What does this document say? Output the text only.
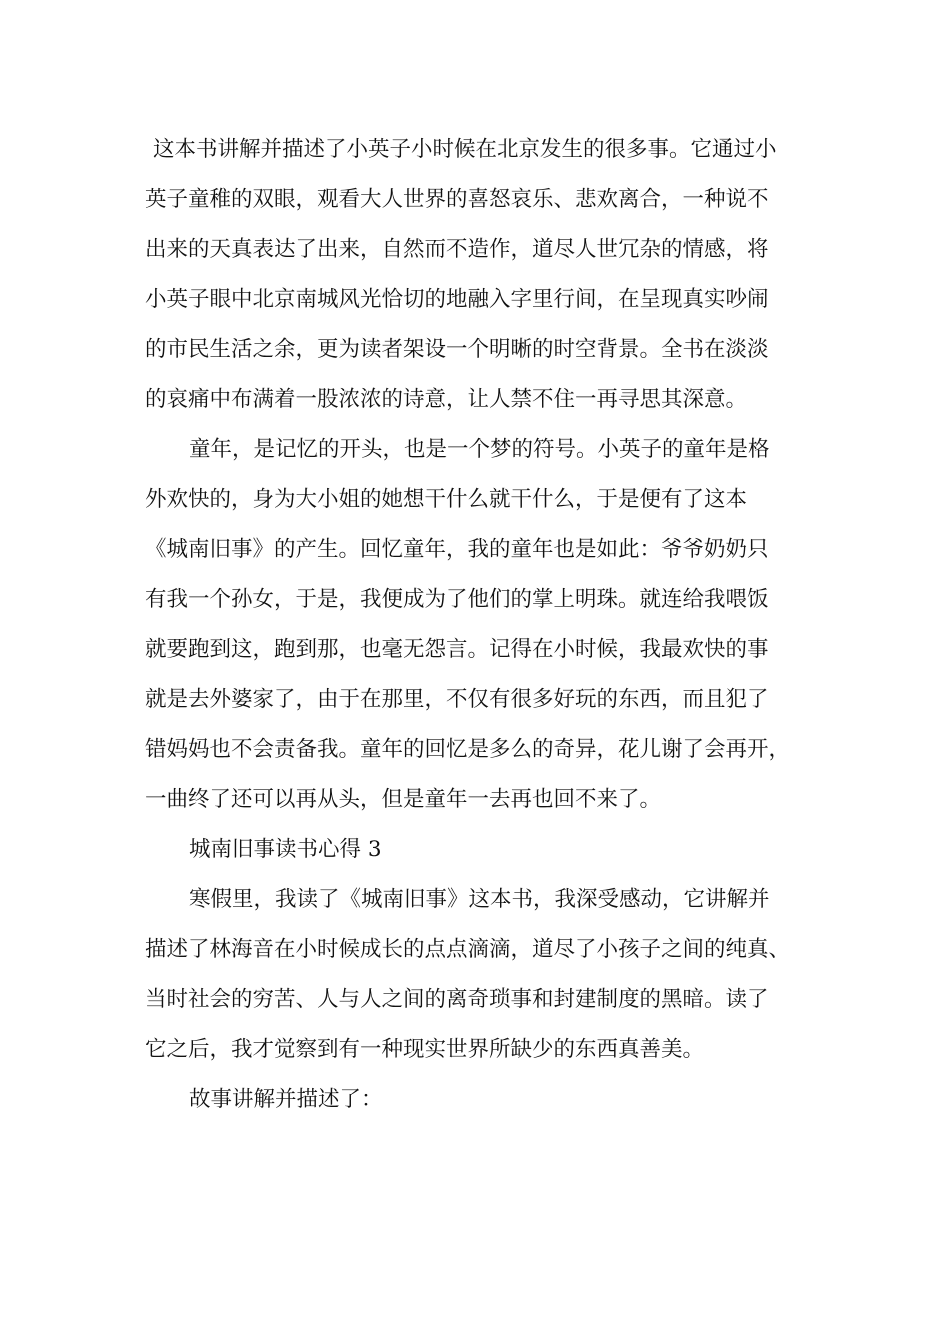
这本书讲解并描述了小英子小时候在北京发生的很多事。它通过小
英子童稚的双眼，观看大人世界的喜怒哀乐、悲欢离合，一种说不
出来的天真表达了出来，自然而不造作，道尽人世冗杂的情感，将
小英子眼中北京南城风光恰切的地融入字里行间，在呈现真实吵闹
的市民生活之余，更为读者架设一个明晰的时空背景。全书在淡淡
的哀痛中布满着一股浓浓的诗意，让人禁不住一再寻思其深意。
童年，是记忆的开头，也是一个梦的符号。小英子的童年是格
外欢快的，身为大小姐的她想干什么就干什么，于是便有了这本
《城南旧事》的产生。回忆童年，我的童年也是如此：爷爷奶奶只
有我一个孙女，于是，我便成为了他们的掌上明珠。就连给我喂饭
就要跑到这，跑到那，也毫无怨言。记得在小时候，我最欢快的事
就是去外婆家了，由于在那里，不仅有很多好玩的东西，而且犯了
错妈妈也不会责备我。童年的回忆是多么的奇异，花儿谢了会再开，
一曲终了还可以再从头，但是童年一去再也回不来了。
城南旧事读书心得 3
寒假里，我读了《城南旧事》这本书，我深受感动，它讲解并
描述了林海音在小时候成长的点点滴滴，道尽了小孩子之间的纯真、
当时社会的穷苦、人与人之间的离奇琐事和封建制度的黑暗。读了
它之后，我才觉察到有一种现实世界所缺少的东西真善美。
故事讲解并描述了：
